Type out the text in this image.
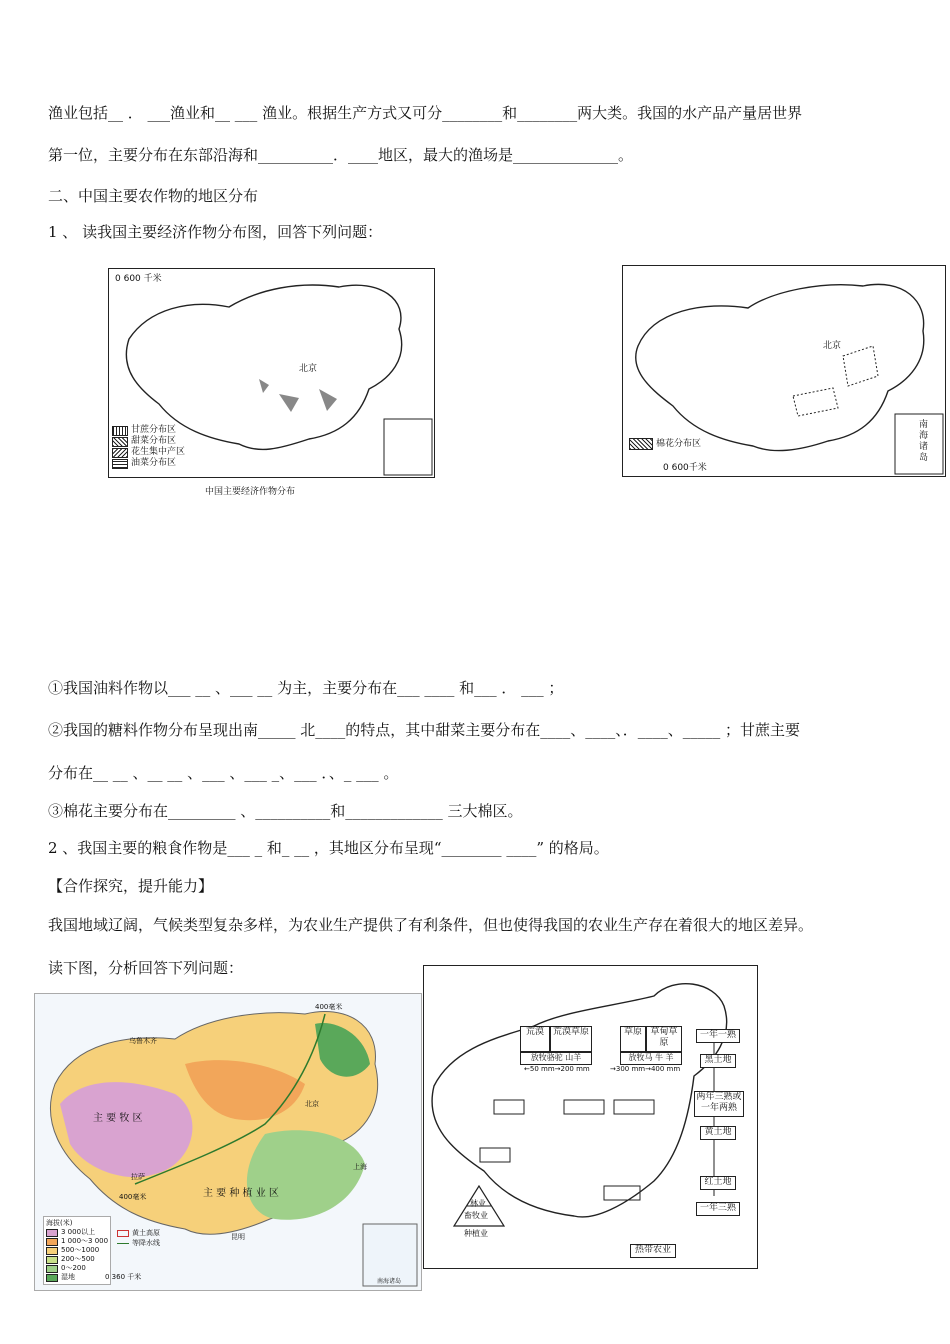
渔业包括__ ． ___渔业和__ ___ 渔业。根据生产方式又可分________和________两大类。我国的水产品产量居世界
第一位，主要分布在东部沿海和__________．____地区，最大的渔场是______________。
二、中国主要农作物的地区分布
1 、 读我国主要经济作物分布图，回答下列问题：
0 600 千米
北京
甘蔗分布区
甜菜分布区
花生集中产区
油菜分布区
中国主要经济作物分布
北京
棉花分布区
0 600千米
南海诸岛
①我国油料作物以___ __ 、___ __ 为主，主要分布在___ ____ 和___ ． ___ ；
②我国的糖料作物分布呈现出南_____ 北____的特点，其中甜菜主要分布在____、____、．____、_____ ；甘蔗主要
分布在__ __ 、__ __ 、___ 、___ _、___ ．、_ ___ 。
③棉花主要分布在_________ 、__________和_____________ 三大棉区。
2 、我国主要的粮食作物是___ _ 和_ __ ，其地区分布呈现“________ ____” 的格局。
【合作探究，提升能力】
我国地域辽阔，气候类型复杂多样，为农业生产提供了有利条件，但也使得我国的农业生产存在着很大的地区差异。
读下图，分析回答下列问题：
主 要 牧 区
主 要 种 植 业 区
400毫米
400毫米
北京
上海
拉萨
昆明
乌鲁木齐
海拔(米)
3 000以上
1 000～3 000
500～1000
200～500
0～200
湿地
黄土高原
等降水线
0 360 千米
南海诸岛
荒漠 荒漠草原	草原 草甸草原
放牧骆驼 山羊	放牧马 牛 羊
←50 mm→200 mm	→300 mm→400 mm
一年一熟
黑土地
两年三熟或一年两熟
黄土地
红土地
一年三熟
林业
畜牧业
种植业
热带农业
